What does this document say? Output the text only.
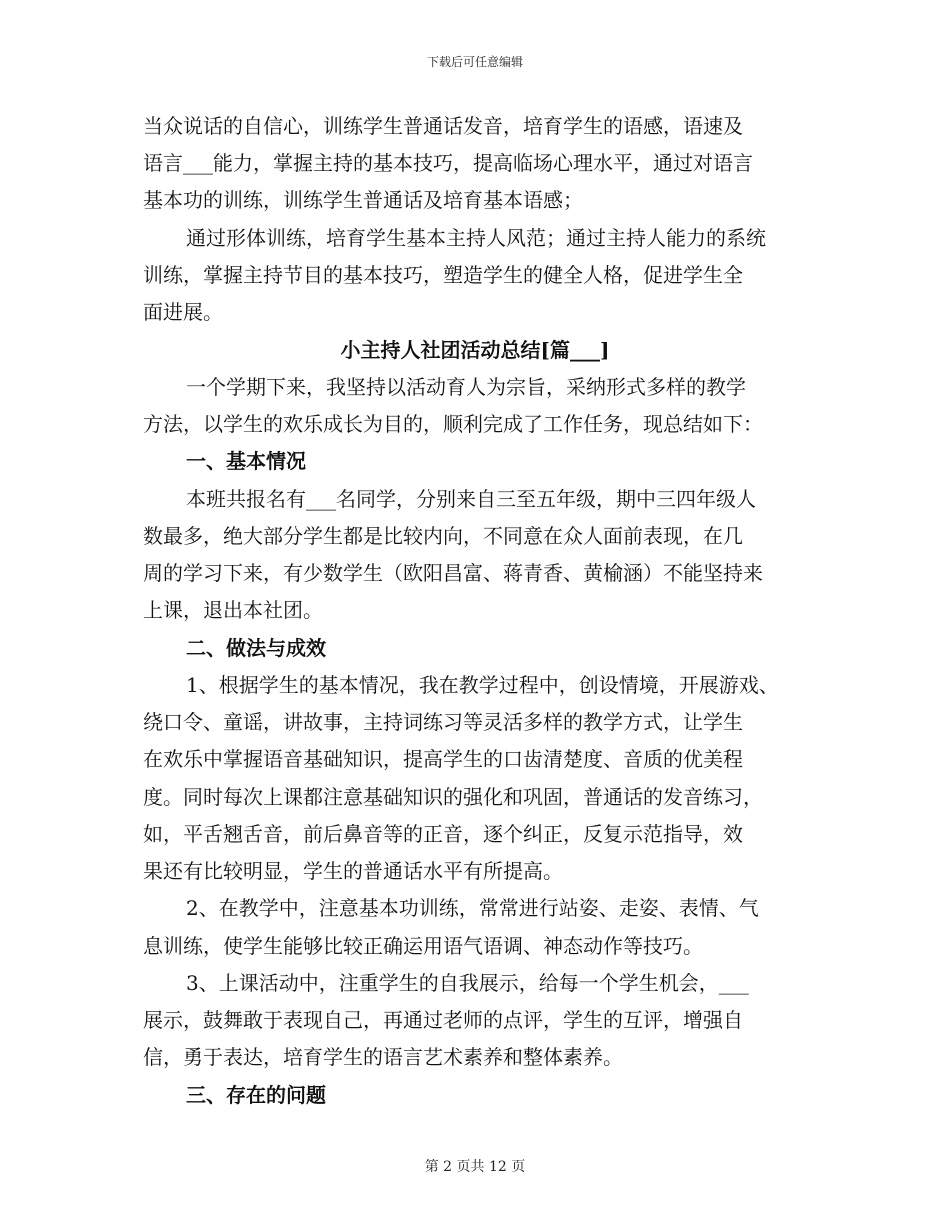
下载后可任意编辑
当众说话的自信心，训练学生普通话发音，培育学生的语感，语速及
语言___能力，掌握主持的基本技巧，提高临场心理水平，通过对语言
基本功的训练，训练学生普通话及培育基本语感；
通过形体训练，培育学生基本主持人风范；通过主持人能力的系统
训练，掌握主持节目的基本技巧，塑造学生的健全人格，促进学生全
面进展。
小主持人社团活动总结[篇___]
一个学期下来，我坚持以活动育人为宗旨，采纳形式多样的教学
方法，以学生的欢乐成长为目的，顺利完成了工作任务，现总结如下：
一、基本情况
本班共报名有___名同学，分别来自三至五年级，期中三四年级人
数最多，绝大部分学生都是比较内向，不同意在众人面前表现，在几
周的学习下来，有少数学生（欧阳昌富、蒋青香、黄榆涵）不能坚持来
上课，退出本社团。
二、做法与成效
1、根据学生的基本情况，我在教学过程中，创设情境，开展游戏、
绕口令、童谣，讲故事，主持词练习等灵活多样的教学方式，让学生
在欢乐中掌握语音基础知识，提高学生的口齿清楚度、音质的优美程
度。同时每次上课都注意基础知识的强化和巩固，普通话的发音练习，
如，平舌翘舌音，前后鼻音等的正音，逐个纠正，反复示范指导，效
果还有比较明显，学生的普通话水平有所提高。
2、在教学中，注意基本功训练，常常进行站姿、走姿、表情、气
息训练，使学生能够比较正确运用语气语调、神态动作等技巧。
3、上课活动中，注重学生的自我展示，给每一个学生机会，___
展示，鼓舞敢于表现自己，再通过老师的点评，学生的互评，增强自
信，勇于表达，培育学生的语言艺术素养和整体素养。
三、存在的问题
第 2 页共 12 页
